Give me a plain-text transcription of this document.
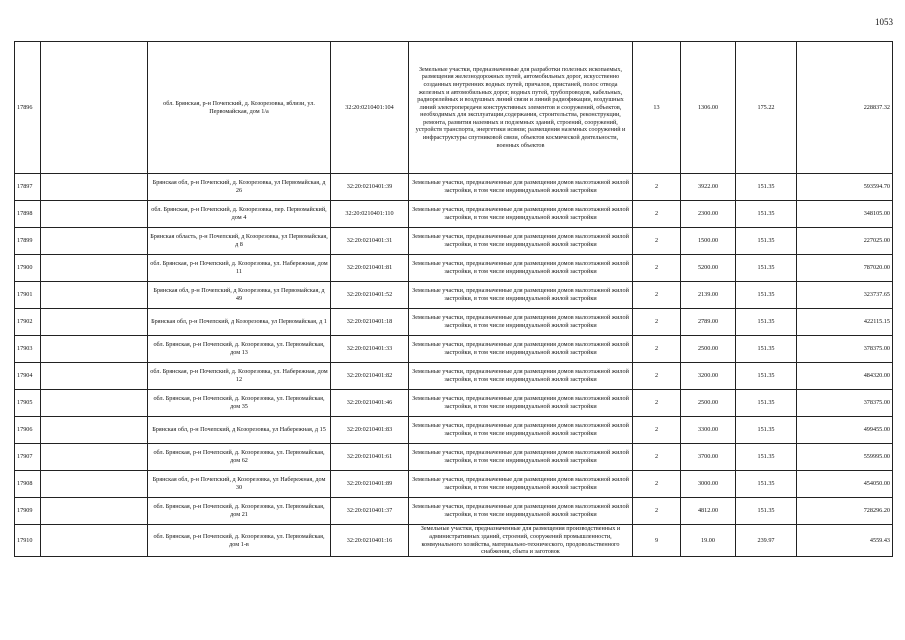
1053
17896		обл. Брянская, р-н Почепский, д. Козорезовка, вблизи, ул. Первомайская, дом 1/а	32:20:0210401:104	Земельные участки, предназначенные для разработки полезных ископаемых, размещения железнодорожных путей, автомобильных дорог, искусственно созданных внутренних водных путей, причалов, пристаней, полос отвода железных и автомобильных дорог, водных путей, трубопроводов, кабельных, радиорелейных и воздушных линий связи и линий радиофикации, воздушных линий электропередачи конструктивных элементов и сооружений, объектов, необходимых для эксплуатации,содержания, строительства, реконструкции, ремонта, развития наземных и подземных зданий, строений, сооружений, устройств транспорта, энергетики исвязи; размещения наземных сооружений и инфраструктуры спутниковой связи, объектов космической деятельности, военных объектов	13	1306.00	175.22	228837.32
17897		Брянская обл, р-н Почепский, д. Козорезовка, ул Первомайская, д 26	32:20:0210401:39	Земельные участки, предназначенные для размещения домов малоэтажной жилой застройки, в том числе индивидуальной жилой застройки	2	3922.00	151.35	593594.70
17898		обл. Брянская, р-н Почепский, д. Козорезовка, пер. Первомайский, дом 4	32:20:0210401:110	Земельные участки, предназначенные для размещения домов малоэтажной жилой застройки, в том числе индивидуальной жилой застройки	2	2300.00	151.35	348105.00
17899		Брянская область, р-н Почепский, д Козорезовка, ул Первомайская, д 8	32:20:0210401:31	Земельные участки, предназначенные для размещения домов малоэтажной жилой застройки, в том числе индивидуальной жилой застройки	2	1500.00	151.35	227025.00
17900		обл. Брянская, р-н Почепский, д. Козорезовка, ул. Набережная, дом 11	32:20:0210401:81	Земельные участки, предназначенные для размещения домов малоэтажной жилой застройки, в том числе индивидуальной жилой застройки	2	5200.00	151.35	787020.00
17901		Брянская обл, р-н Почепский, д Козорезовка, ул Первомайская, д 49	32:20:0210401:52	Земельные участки, предназначенные для размещения домов малоэтажной жилой застройки, в том числе индивидуальной жилой застройки	2	2139.00	151.35	323737.65
17902		Брянская обл, р-н Почепский, д Козорезовка, ул Первомайская, д 1	32:20:0210401:18	Земельные участки, предназначенные для размещения домов малоэтажной жилой застройки, в том числе индивидуальной жилой застройки	2	2789.00	151.35	422115.15
17903		обл. Брянская, р-н Почепский, д. Козорезовка, ул. Первомайская, дом 13	32:20:0210401:33	Земельные участки, предназначенные для размещения домов малоэтажной жилой застройки, в том числе индивидуальной жилой застройки	2	2500.00	151.35	378375.00
17904		обл. Брянская, р-н Почепский, д. Козорезовка, ул. Набережная, дом 12	32:20:0210401:82	Земельные участки, предназначенные для размещения домов малоэтажной жилой застройки, в том числе индивидуальной жилой застройки	2	3200.00	151.35	484320.00
17905		обл. Брянская, р-н Почепский, д. Козорезовка, ул. Первомайская, дом 35	32:20:0210401:46	Земельные участки, предназначенные для размещения домов малоэтажной жилой застройки, в том числе индивидуальной жилой застройки	2	2500.00	151.35	378375.00
17906		Брянская обл, р-н Почепский, д Козорезовка, ул Набережная, д 15	32:20:0210401:83	Земельные участки, предназначенные для размещения домов малоэтажной жилой застройки, в том числе индивидуальной жилой застройки	2	3300.00	151.35	499455.00
17907		обл. Брянская, р-н Почепский, д. Козорезовка, ул. Первомайская, дом 62	32:20:0210401:61	Земельные участки, предназначенные для размещения домов малоэтажной жилой застройки, в том числе индивидуальной жилой застройки	2	3700.00	151.35	559995.00
17908		Брянская обл, р-н Почепский, д Козорезовка, ул Набережная, дом 30	32:20:0210401:89	Земельные участки, предназначенные для размещения домов малоэтажной жилой застройки, в том числе индивидуальной жилой застройки	2	3000.00	151.35	454050.00
17909		обл. Брянская, р-н Почепский, д. Козорезовка, ул. Первомайская, дом 21	32:20:0210401:37	Земельные участки, предназначенные для размещения домов малоэтажной жилой застройки, в том числе индивидуальной жилой застройки	2	4812.00	151.35	728296.20
17910		обл. Брянская, р-н Почепский, д. Козорезовка, ул. Первомайская, дом 1-в	32:20:0210401:16	Земельные участки, предназначенные для размещения производственных и административных зданий, строений, сооружений промышленности, коммунального хозяйства, материально-технического, продовольственного снабжения, сбыта и заготовок	9	19.00	239.97	4559.43
